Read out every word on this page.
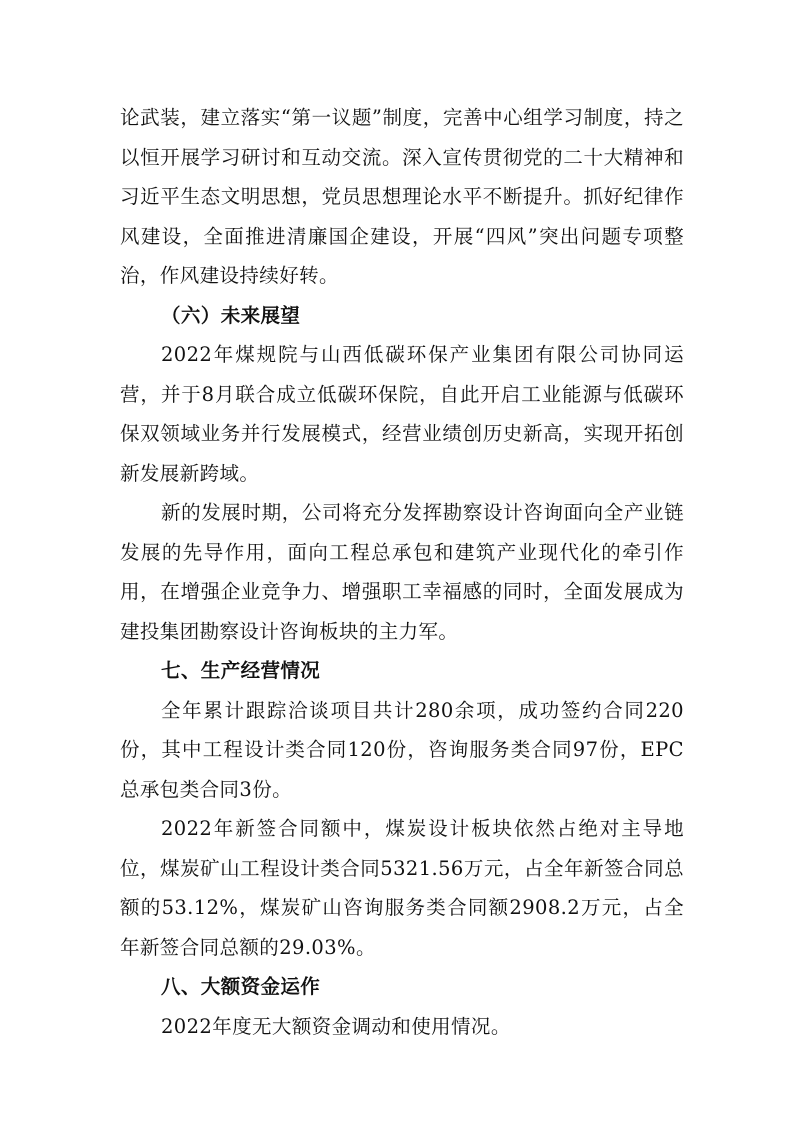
论武装，建立落实“第一议题”制度，完善中心组学习制度，持之以恒开展学习研讨和互动交流。深入宣传贯彻党的二十大精神和习近平生态文明思想，党员思想理论水平不断提升。抓好纪律作风建设，全面推进清廉国企建设，开展“四风”突出问题专项整治，作风建设持续好转。

（六）未来展望

2022年煤规院与山西低碳环保产业集团有限公司协同运营，并于8月联合成立低碳环保院，自此开启工业能源与低碳环保双领域业务并行发展模式，经营业绩创历史新高，实现开拓创新发展新跨域。

新的发展时期，公司将充分发挥勘察设计咨询面向全产业链发展的先导作用，面向工程总承包和建筑产业现代化的牵引作用，在增强企业竞争力、增强职工幸福感的同时，全面发展成为建投集团勘察设计咨询板块的主力军。

七、生产经营情况

全年累计跟踪洽谈项目共计280余项，成功签约合同220份，其中工程设计类合同120份，咨询服务类合同97份，EPC总承包类合同3份。

2022年新签合同额中，煤炭设计板块依然占绝对主导地位，煤炭矿山工程设计类合同5321.56万元，占全年新签合同总额的53.12%，煤炭矿山咨询服务类合同额2908.2万元，占全年新签合同总额的29.03%。

八、大额资金运作

2022年度无大额资金调动和使用情况。
